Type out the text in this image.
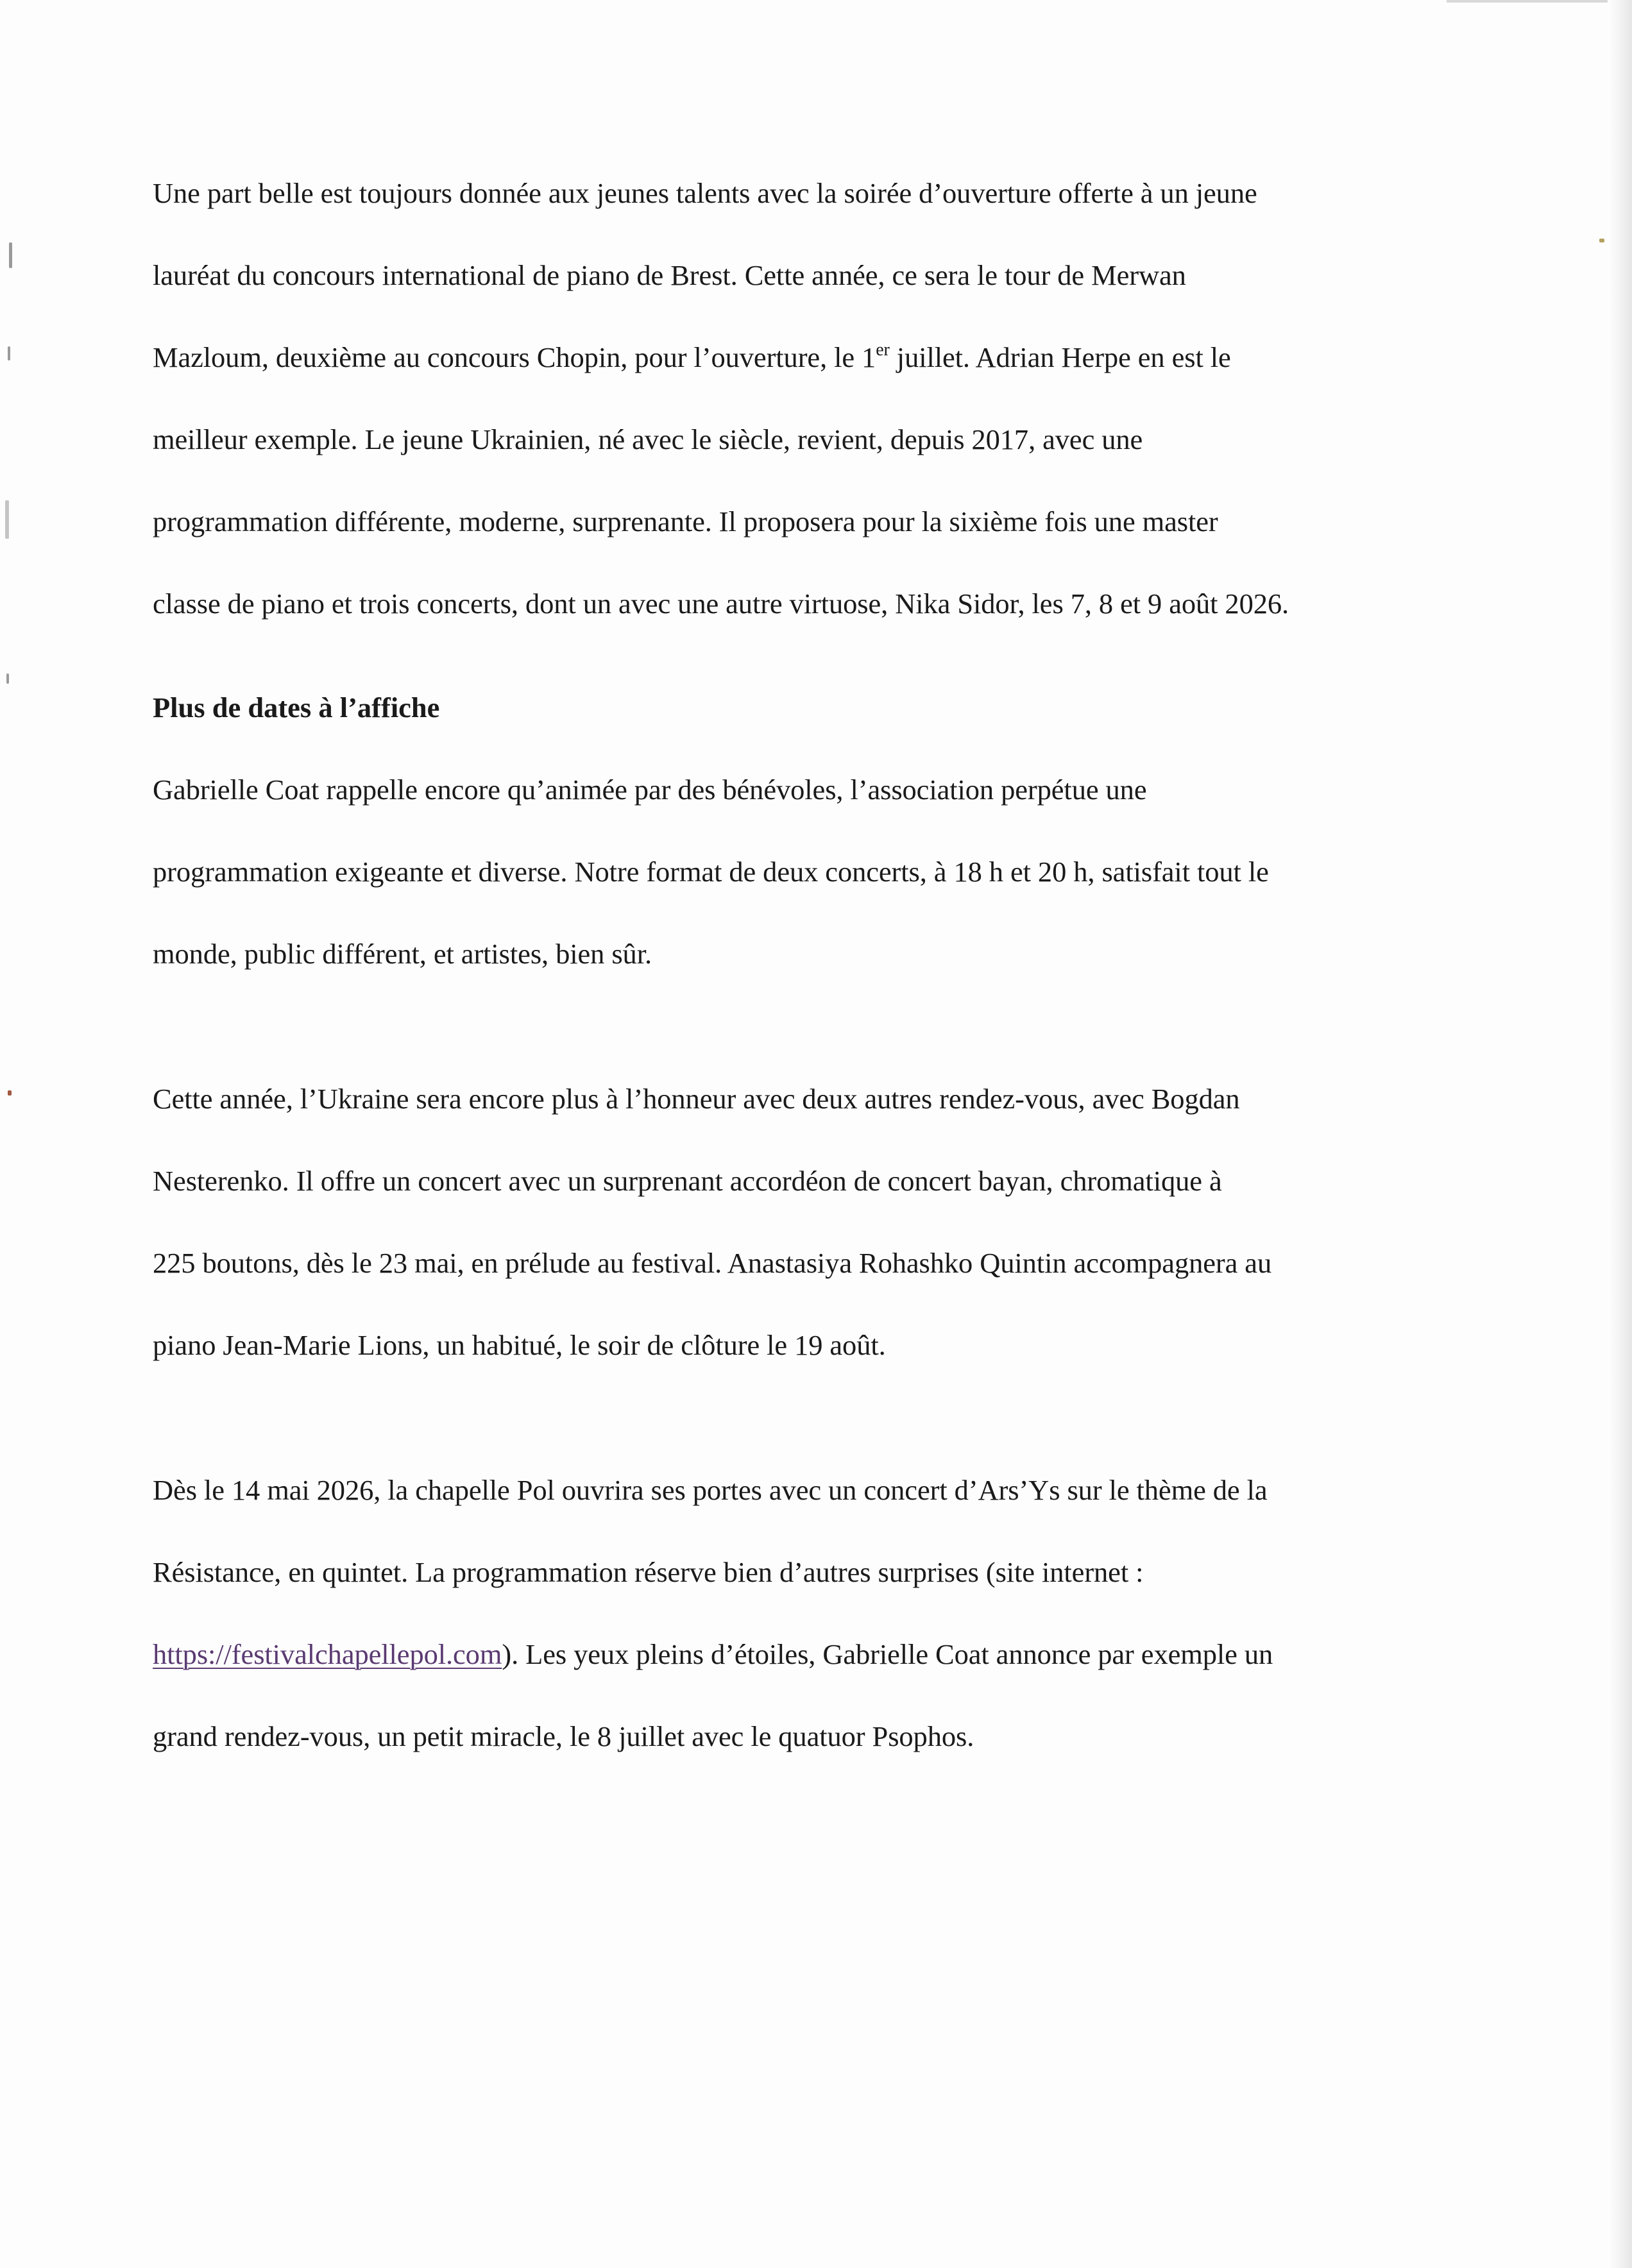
Une part belle est toujours donnée aux jeunes talents avec la soirée d’ouverture offerte à un jeune

lauréat du concours international de piano de Brest. Cette année, ce sera le tour de Merwan

Mazloum, deuxième au concours Chopin, pour l’ouverture, le 1er juillet. Adrian Herpe en est le

meilleur exemple. Le jeune Ukrainien, né avec le siècle, revient, depuis 2017, avec une

programmation différente, moderne, surprenante. Il proposera pour la sixième fois une master

classe de piano et trois concerts, dont un avec une autre virtuose, Nika Sidor, les 7, 8 et 9 août 2026.

Plus de dates à l’affiche

Gabrielle Coat rappelle encore qu’animée par des bénévoles, l’association perpétue une

programmation exigeante et diverse. Notre format de deux concerts, à 18 h et 20 h, satisfait tout le

monde, public différent, et artistes, bien sûr.

Cette année, l’Ukraine sera encore plus à l’honneur avec deux autres rendez-vous, avec Bogdan

Nesterenko. Il offre un concert avec un surprenant accordéon de concert bayan, chromatique à

225 boutons, dès le 23 mai, en prélude au festival. Anastasiya Rohashko Quintin accompagnera au

piano Jean-Marie Lions, un habitué, le soir de clôture le 19 août.

Dès le 14 mai 2026, la chapelle Pol ouvrira ses portes avec un concert d’Ars’Ys sur le thème de la

Résistance, en quintet. La programmation réserve bien d’autres surprises (site internet :

https://festivalchapellepol.com). Les yeux pleins d’étoiles, Gabrielle Coat annonce par exemple un

grand rendez-vous, un petit miracle, le 8 juillet avec le quatuor Psophos.
